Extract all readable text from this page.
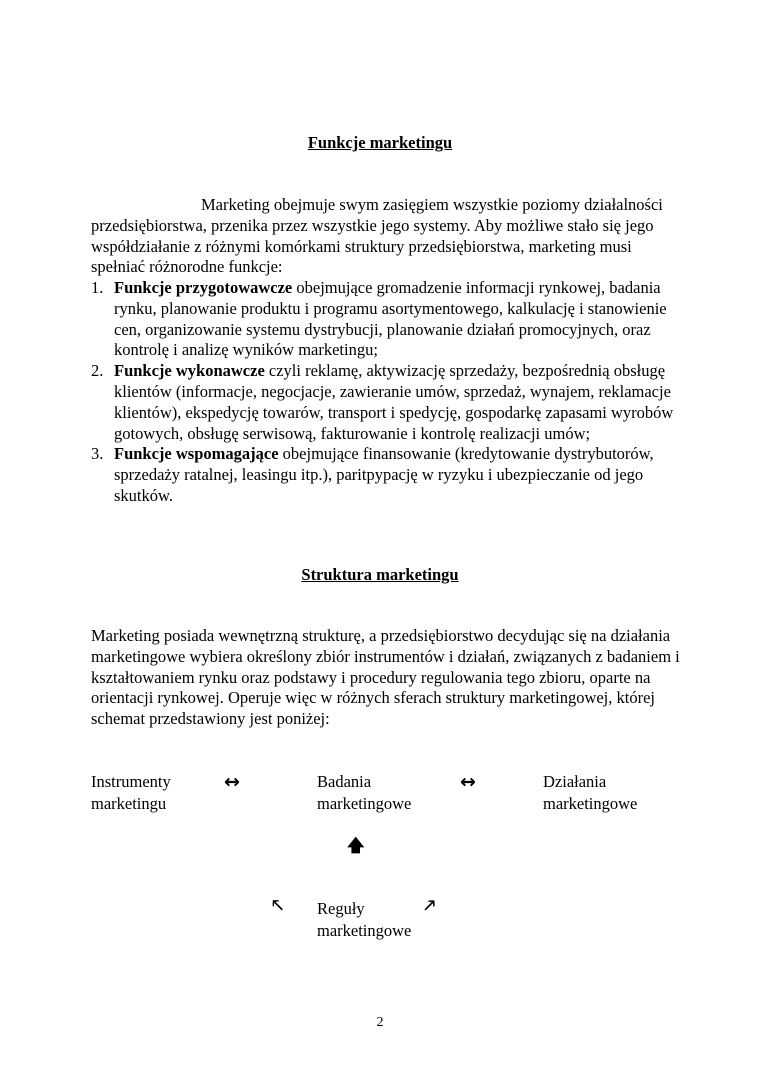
Funkcje marketingu

Marketing obejmuje swym zasięgiem wszystkie poziomy działalności przedsiębiorstwa, przenika przez wszystkie jego systemy. Aby możliwe stało się jego współdziałanie z różnymi komórkami struktury przedsiębiorstwa, marketing musi spełniać różnorodne funkcje:

1. Funkcje przygotowawcze obejmujące gromadzenie informacji rynkowej, badania rynku, planowanie produktu i programu asortymentowego, kalkulację i stanowienie cen, organizowanie systemu dystrybucji, planowanie działań promocyjnych, oraz kontrolę i analizę wyników marketingu;
2. Funkcje wykonawcze czyli reklamę, aktywizację sprzedaży, bezpośrednią obsługę klientów (informacje, negocjacje, zawieranie umów, sprzedaż, wynajem, reklamacje klientów), ekspedycję towarów, transport i spedycję, gospodarkę zapasami wyrobów gotowych, obsługę serwisową, fakturowanie i kontrolę realizacji umów;
3. Funkcje wspomagające obejmujące finansowanie (kredytowanie dystrybutorów, sprzedaży ratalnej, leasingu itp.), paritpypację w ryzyku i ubezpieczanie od jego skutków.
Struktura marketingu

Marketing posiada wewnętrzną strukturę, a przedsiębiorstwo decydując się na działania marketingowe wybiera określony zbiór instrumentów i działań, związanych z badaniem i kształtowaniem rynku oraz podstawy i procedury regulowania tego zbioru, oparte na orientacji rynkowej. Operuje więc w różnych sferach struktury marketingowej, której schemat przedstawiony jest poniżej:

Instrumenty
marketingu
↔	Badania
marketingowe
↔	Działania
marketingowe
🡅
🡔 Reguły
marketingowe
🡕
2
